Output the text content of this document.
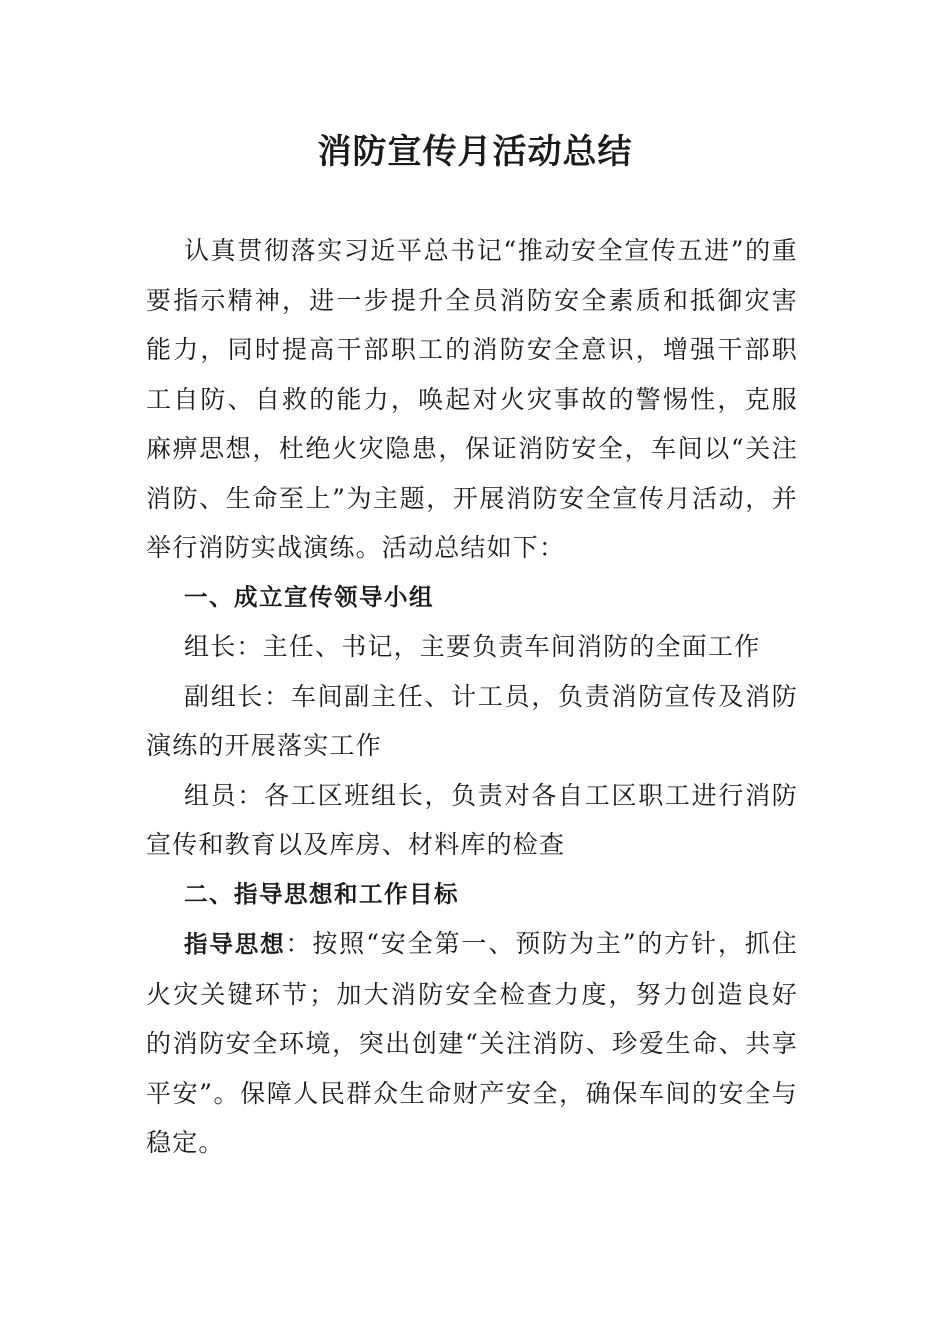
消防宣传月活动总结

认真贯彻落实习近平总书记“推动安全宣传五进”的重要指示精神，进一步提升全员消防安全素质和抵御灾害能力，同时提高干部职工的消防安全意识，增强干部职工自防、自救的能力，唤起对火灾事故的警惕性，克服麻痹思想，杜绝火灾隐患，保证消防安全，车间以“关注消防、生命至上”为主题，开展消防安全宣传月活动，并举行消防实战演练。活动总结如下：

一、成立宣传领导小组

组长：主任、书记，主要负责车间消防的全面工作

副组长：车间副主任、计工员，负责消防宣传及消防演练的开展落实工作

组员：各工区班组长，负责对各自工区职工进行消防宣传和教育以及库房、材料库的检查

二、指导思想和工作目标

指导思想：按照“安全第一、预防为主”的方针，抓住火灾关键环节；加大消防安全检查力度，努力创造良好的消防安全环境，突出创建“关注消防、珍爱生命、共享平安”。保障人民群众生命财产安全，确保车间的安全与稳定。
